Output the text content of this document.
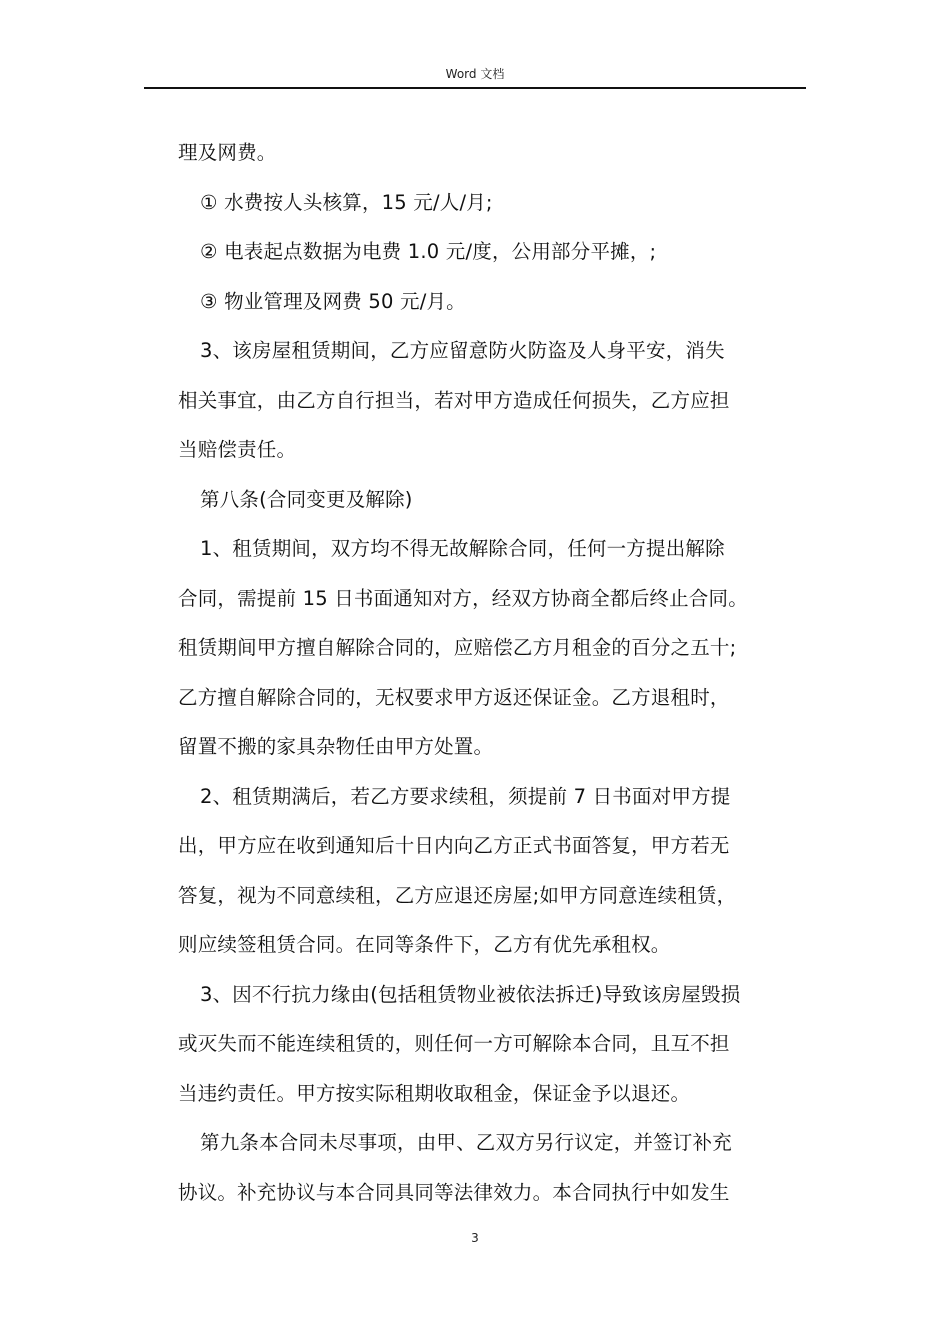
Word 文档
理及网费。
① 水费按人头核算，15 元/人/月;
② 电表起点数据为电费 1.0 元/度，公用部分平摊，;
③ 物业管理及网费 50 元/月。
3、该房屋租赁期间，乙方应留意防火防盗及人身平安，消失
相关事宜，由乙方自行担当，若对甲方造成任何损失，乙方应担
当赔偿责任。
第八条(合同变更及解除)
1、租赁期间，双方均不得无故解除合同，任何一方提出解除
合同，需提前 15 日书面通知对方，经双方协商全都后终止合同。
租赁期间甲方擅自解除合同的，应赔偿乙方月租金的百分之五十;
乙方擅自解除合同的，无权要求甲方返还保证金。乙方退租时，
留置不搬的家具杂物任由甲方处置。
2、租赁期满后，若乙方要求续租，须提前 7 日书面对甲方提
出，甲方应在收到通知后十日内向乙方正式书面答复，甲方若无
答复，视为不同意续租，乙方应退还房屋;如甲方同意连续租赁，
则应续签租赁合同。在同等条件下，乙方有优先承租权。
3、因不行抗力缘由(包括租赁物业被依法拆迁)导致该房屋毁损
或灭失而不能连续租赁的，则任何一方可解除本合同，且互不担
当违约责任。甲方按实际租期收取租金，保证金予以退还。
第九条本合同未尽事项，由甲、乙双方另行议定，并签订补充
协议。补充协议与本合同具同等法律效力。本合同执行中如发生
3
